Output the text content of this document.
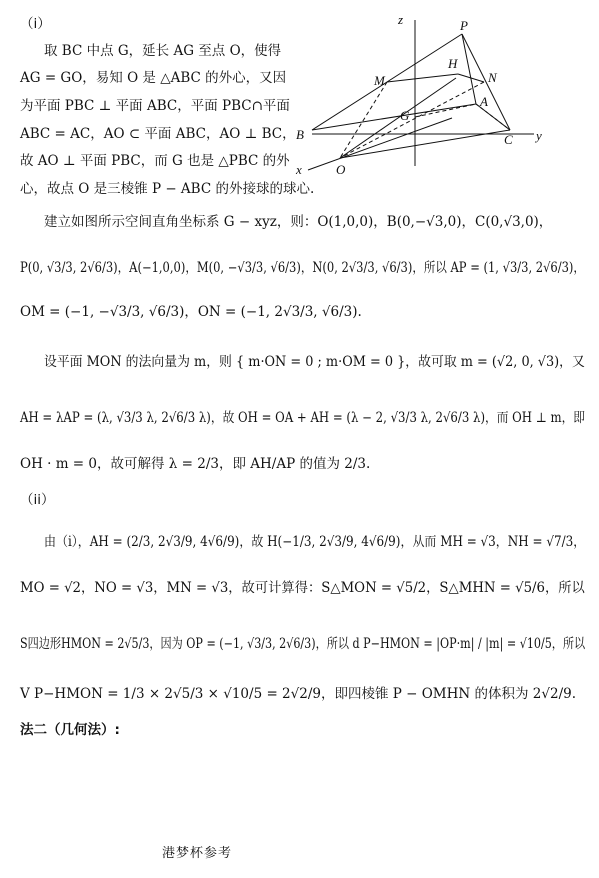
（i）
取 BC 中点 G，延长 AG 至点 O，使得
AG = GO，易知 O 是 △ABC 的外心，又因
为平面 PBC ⊥ 平面 ABC，平面 PBC∩平面
ABC = AC，AO ⊂ 平面 ABC，AO ⊥ BC，
故 AO ⊥ 平面 PBC，而 G 也是 △PBC 的外
心，故点 O 是三棱锥 P − ABC 的外接球的球心.
z	P
H
M	N
A
G
B	C y
x	O
建立如图所示空间直角坐标系 G − xyz，则：O(1,0,0)，B(0,−√3,0)，C(0,√3,0)，
P(0, √3/3, 2√6/3)，A(−1,0,0)，M(0, −√3/3, √6/3)，N(0, 2√3/3, √6/3)，所以 AP = (1, √3/3, 2√6/3)，
OM = (−1, −√3/3, √6/3)，ON = (−1, 2√3/3, √6/3).
设平面 MON 的法向量为 m，则 { m·ON = 0 ; m·OM = 0 }，故可取 m = (√2, 0, √3)，又
AH = λAP = (λ, √3/3 λ, 2√6/3 λ)，故 OH = OA + AH = (λ − 2, √3/3 λ, 2√6/3 λ)，而 OH ⊥ m，即
OH · m = 0，故可解得 λ = 2/3，即 AH/AP 的值为 2/3.
（ii）
由（i），AH = (2/3, 2√3/9, 4√6/9)，故 H(−1/3, 2√3/9, 4√6/9)，从而 MH = √3，NH = √7/3，
MO = √2，NO = √3，MN = √3，故可计算得：S△MON = √5/2，S△MHN = √5/6，所以
S四边形HMON = 2√5/3，因为 OP = (−1, √3/3, 2√6/3)，所以 d P−HMON = |OP·m| / |m| = √10/5，所以
V P−HMON = 1/3 × 2√5/3 × √10/5 = 2√2/9，即四棱锥 P − OMHN 的体积为 2√2/9.
法二（几何法）:
港梦杯参考
